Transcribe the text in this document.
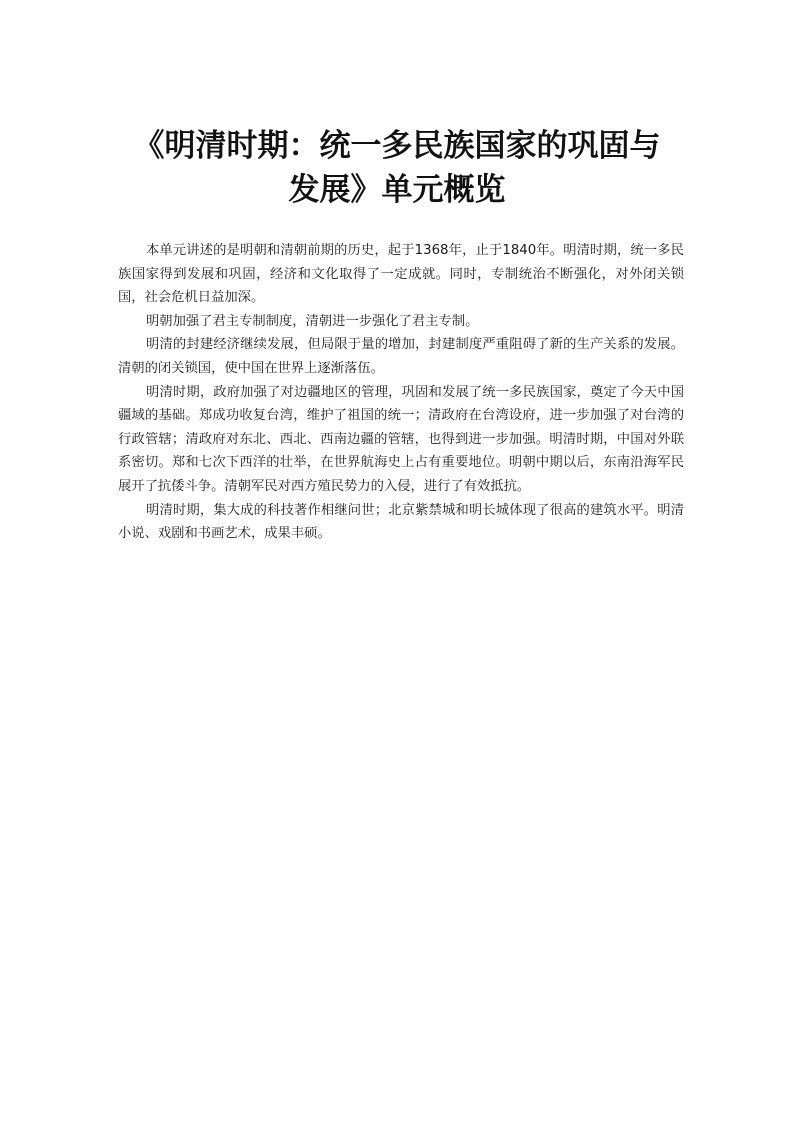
《明清时期：统一多民族国家的巩固与
发展》单元概览

本单元讲述的是明朝和清朝前期的历史，起于1368年，止于1840年。明清时期，统一多民族国家得到发展和巩固，经济和文化取得了一定成就。同时，专制统治不断强化，对外闭关锁国，社会危机日益加深。

明朝加强了君主专制制度，清朝进一步强化了君主专制。

明清的封建经济继续发展，但局限于量的增加，封建制度严重阻碍了新的生产关系的发展。清朝的闭关锁国，使中国在世界上逐渐落伍。

明清时期，政府加强了对边疆地区的管理，巩固和发展了统一多民族国家，奠定了今天中国疆域的基础。郑成功收复台湾，维护了祖国的统一；清政府在台湾设府，进一步加强了对台湾的行政管辖；清政府对东北、西北、西南边疆的管辖，也得到进一步加强。明清时期，中国对外联系密切。郑和七次下西洋的壮举，在世界航海史上占有重要地位。明朝中期以后，东南沿海军民展开了抗倭斗争。清朝军民对西方殖民势力的入侵，进行了有效抵抗。

明清时期，集大成的科技著作相继问世；北京紫禁城和明长城体现了很高的建筑水平。明清小说、戏剧和书画艺术，成果丰硕。
